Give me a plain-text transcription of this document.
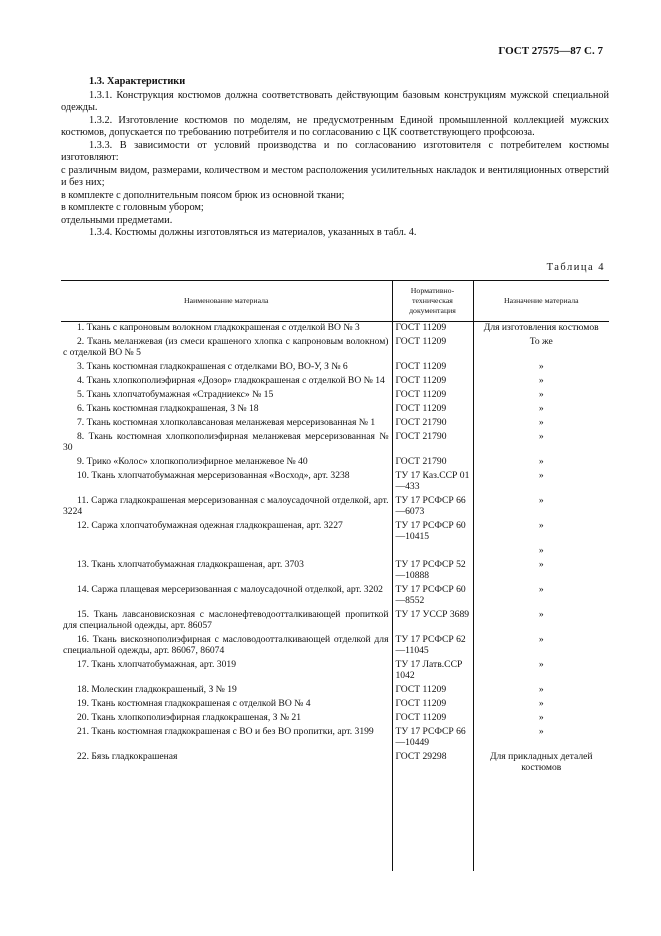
ГОСТ 27575—87 С. 7

1.3. Характеристики

1.3.1. Конструкция костюмов должна соответствовать действующим базовым конструкциям мужской специальной одежды.

1.3.2. Изготовление костюмов по моделям, не предусмотренным Единой промышленной коллекцией мужских костюмов, допускается по требованию потребителя и по согласованию с ЦК соответствующего профсоюза.

1.3.3. В зависимости от условий производства и по согласованию изготовителя с потребителем костюмы изготовляют:

с различным видом, размерами, количеством и местом расположения усилительных накладок и вентиляционных отверстий и без них;

в комплекте с дополнительным поясом брюк из основной ткани;

в комплекте с головным убором;

отдельными предметами.

1.3.4. Костюмы должны изготовляться из материалов, указанных в табл. 4.

Таблица 4
Наименование материала	Нормативно-техническая документация	Назначение материала
1. Ткань с капроновым волокном гладкокрашеная с отделкой ВО № 3	ГОСТ 11209	Для изготовления костюмов
2. Ткань меланжевая (из смеси крашеного хлопка с капроновым волокном) с отделкой ВО № 5	ГОСТ 11209	То же
3. Ткань костюмная гладкокрашеная с отделками ВО, ВО-У, З № 6	ГОСТ 11209	»
4. Ткань хлопкополиэфирная «Дозор» гладкокрашеная с отделкой ВО № 14	ГОСТ 11209	»
5. Ткань хлопчатобумажная «Страдниекс» № 15	ГОСТ 11209	»
6. Ткань костюмная гладкокрашеная, З № 18	ГОСТ 11209	»
7. Ткань костюмная хлопколавсановая меланжевая мерсеризованная № 1	ГОСТ 21790	»
8. Ткань костюмная хлопкополиэфирная меланжевая мерсеризованная № 30	ГОСТ 21790	»
9. Трико «Колос» хлопкополиэфирное меланжевое № 40	ГОСТ 21790	»
10. Ткань хлопчатобумажная мерсеризованная «Восход», арт. 3238	ТУ 17 Каз.ССР 01—433	»
11. Саржа гладкокрашеная мерсеризованная с малоусадочной отделкой, арт. 3224	ТУ 17 РСФСР 66—6073	»
12. Саржа хлопчатобумажная одежная гладкокрашеная, арт. 3227	ТУ 17 РСФСР 60—10415	»
		»
13. Ткань хлопчатобумажная гладкокрашеная, арт. 3703	ТУ 17 РСФСР 52—10888	»
14. Саржа плащевая мерсеризованная с малоусадочной отделкой, арт. 3202	ТУ 17 РСФСР 60—8552	»
15. Ткань лавсановискозная с маслонефтеводоотталкивающей пропиткой для специальной одежды, арт. 86057	ТУ 17 УССР 3689	»
16. Ткань вискознополиэфирная с масловодоотталкивающей отделкой для специальной одежды, арт. 86067, 86074	ТУ 17 РСФСР 62—11045	»
17. Ткань хлопчатобумажная, арт. 3019	ТУ 17 Латв.ССР 1042	»
18. Молескин гладкокрашеный, З № 19	ГОСТ 11209	»
19. Ткань костюмная гладкокрашеная с отделкой ВО № 4	ГОСТ 11209	»
20. Ткань хлопкополиэфирная гладкокрашеная, З № 21	ГОСТ 11209	»
21. Ткань костюмная гладкокрашеная с ВО и без ВО пропитки, арт. 3199	ТУ 17 РСФСР 66—10449	»
22. Бязь гладкокрашеная	ГОСТ 29298	Для прикладных деталей костюмов
